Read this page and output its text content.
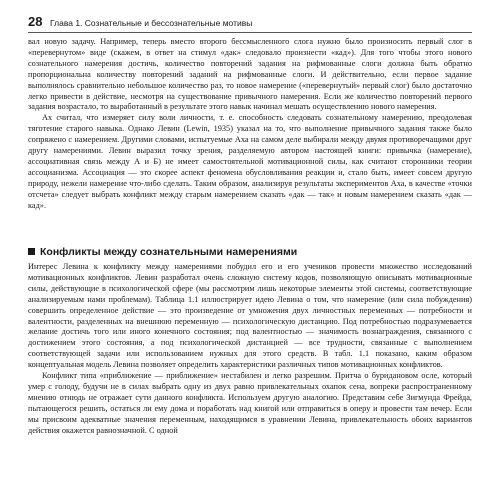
28 Глава 1. Сознательные и бессознательные мотивы

вал новую задачу. Например, теперь вместо второго бессмысленного слога нужно было произносить первый слог в «перевернутом» виде (скажем, в ответ на стимул «дак» следовало произнести «кад»). Для того чтобы этого нового сознательного намерения достичь, количество повторений задания на рифмованные слоги должна быть обратно пропорциональна количеству повторений заданий на рифмованные слоги. И действительно, если первое задание выполнялось сравнительно небольшое количество раз, то новое намерение («перевернутый» первый слог) было достаточно легко привести в действие, несмотря на существование привычного намерения. Если же количество повторений первого задания возрастало, то выработанный в результате этого навык начинал мешать осуществлению нового намерения.

Ах считал, что измеряет силу воли личности, т. е. способность следовать сознательному намерению, преодолевая тяготение старого навыка. Однако Левин (Lewin, 1935) указал на то, что выполнение привычного задания также было сопряжено с намерением. Другими словами, испытуемые Аха на самом деле выбирали между двумя противоречащими друг другу намерениями. Левин выразил точку зрения, разделяемую автором настоящей книги: привычка (намерение), ассоциативная связь между А и Б) не имеет самостоятельной мотивационной силы, как считают сторонники теории ассоцианизма. Ассоциация — это скорее аспект феномена обусловливания реакции и, стало быть, имеет совсем другую природу, нежели намерение что-либо сделать. Таким образом, анализируя результаты экспериментов Аха, в качестве «точки отсчета» следует выбрать конфликт между старым намерением сказать «дак — так» и новым намерением сказать «дак — кад».

Конфликты между сознательными намерениями

Интерес Левина к конфликту между намерениями побудил его и его учеников провести множество исследований мотивационных конфликтов. Левин разработал очень сложную систему кодов, позволяющую описывать мотивационные силы, действующие в психологической сфере (мы рассмотрим лишь некоторые элементы этой системы, соответствующие анализируемым нами проблемам). Таблица 1.1 иллюстрирует идею Левина о том, что намерение (или сила побуждения) совершить определенное действие — это произведение от умножения двух личностных переменных — потребности и валентности, разделенных на внешнюю переменную — психологическую дистанцию. Под потребностью подразумевается желание достичь того или иного конечного состояния; под валентностью — значимость вознаграждения, связанного с достижением этого состояния, а под психологической дистанцией — все трудности, связанные с выполнением соответствующей задачи или использованием нужных для этого средств. В табл. 1.1 показано, каким образом концептуальная модель Левина позволяет определить характеристики различных типов мотивационных конфликтов.

Конфликт типа «приближение — приближение» нестабилен и легко разрешим. Притча о буридановом осле, который умер с голоду, будучи не в силах выбрать одну из двух равно привлекательных охапок сена, вопреки распространенному мнению отнюдь не отражает сути данного конфликта. Используем другую аналогию. Представим себе Зигмунда Фрейда, пытающегося решить, остаться ли ему дома и поработать над книгой или отправиться в оперу и провести там вечер. Если мы присвоим адекватные значения переменным, находящимся в уравнении Левина, привлекательность обоих вариантов действия окажется равнозначной. С одной
